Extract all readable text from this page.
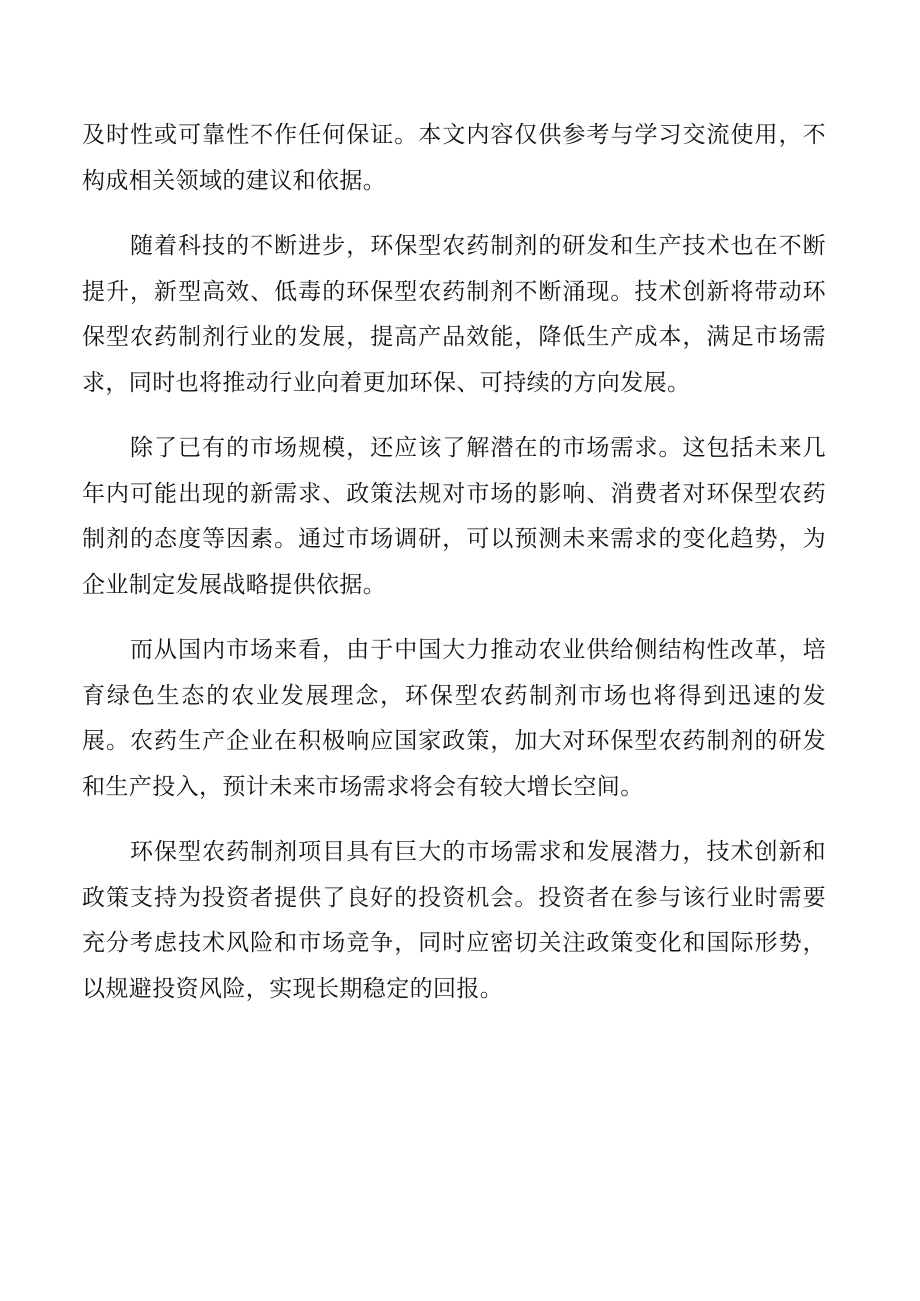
及时性或可靠性不作任何保证。本文内容仅供参考与学习交流使用，不构成相关领域的建议和依据。

随着科技的不断进步，环保型农药制剂的研发和生产技术也在不断提升，新型高效、低毒的环保型农药制剂不断涌现。技术创新将带动环保型农药制剂行业的发展，提高产品效能，降低生产成本，满足市场需求，同时也将推动行业向着更加环保、可持续的方向发展。

除了已有的市场规模，还应该了解潜在的市场需求。这包括未来几年内可能出现的新需求、政策法规对市场的影响、消费者对环保型农药制剂的态度等因素。通过市场调研，可以预测未来需求的变化趋势，为企业制定发展战略提供依据。

而从国内市场来看，由于中国大力推动农业供给侧结构性改革，培育绿色生态的农业发展理念，环保型农药制剂市场也将得到迅速的发展。农药生产企业在积极响应国家政策，加大对环保型农药制剂的研发和生产投入，预计未来市场需求将会有较大增长空间。

环保型农药制剂项目具有巨大的市场需求和发展潜力，技术创新和政策支持为投资者提供了良好的投资机会。投资者在参与该行业时需要充分考虑技术风险和市场竞争，同时应密切关注政策变化和国际形势，以规避投资风险，实现长期稳定的回报。
